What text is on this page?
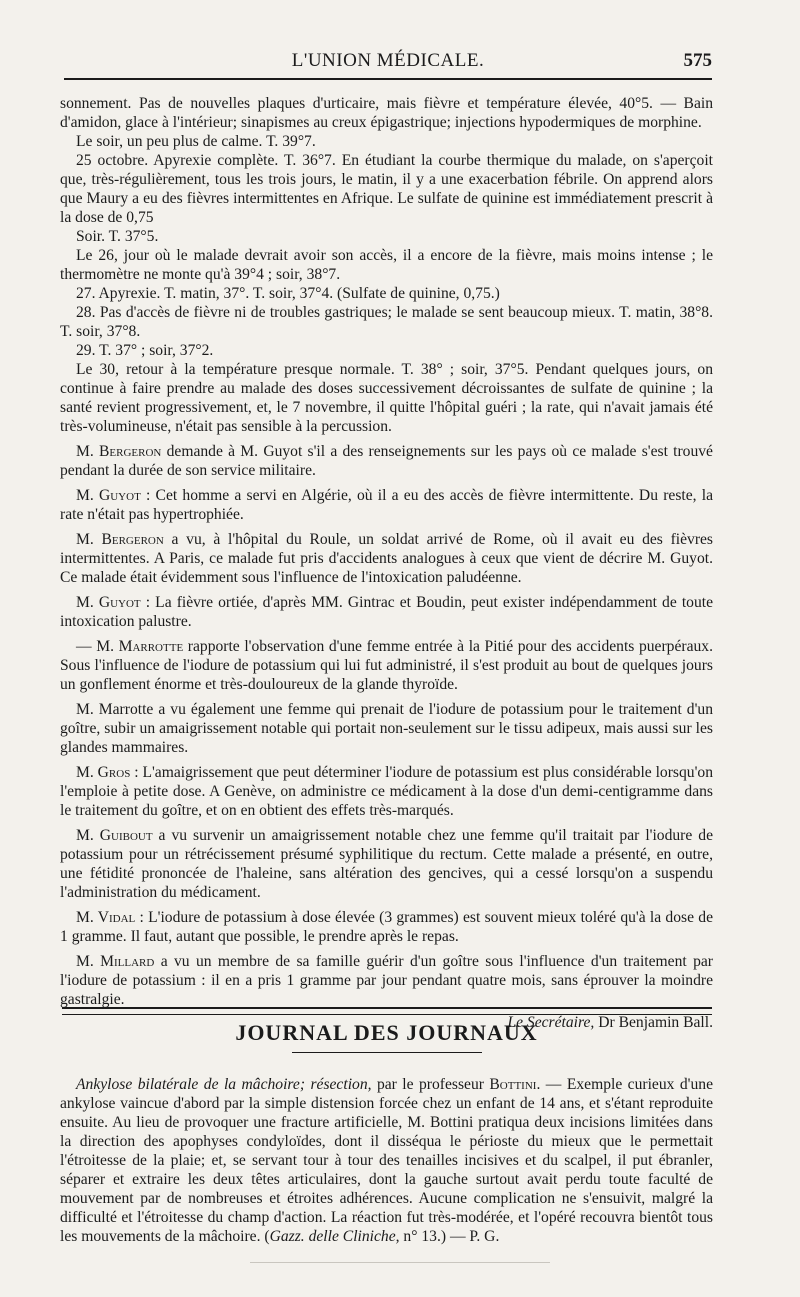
L'UNION MÉDICALE.	575

sonnement. Pas de nouvelles plaques d'urticaire, mais fièvre et température élevée, 40°5. — Bain d'amidon, glace à l'intérieur; sinapismes au creux épigastrique; injections hypodermiques de morphine.

Le soir, un peu plus de calme. T. 39°7.

25 octobre. Apyrexie complète. T. 36°7. En étudiant la courbe thermique du malade, on s'aperçoit que, très-régulièrement, tous les trois jours, le matin, il y a une exacerbation fébrile. On apprend alors que Maury a eu des fièvres intermittentes en Afrique. Le sulfate de quinine est immédiatement prescrit à la dose de 0,75

Soir. T. 37°5.

Le 26, jour où le malade devrait avoir son accès, il a encore de la fièvre, mais moins intense ; le thermomètre ne monte qu'à 39°4 ; soir, 38°7.

27. Apyrexie. T. matin, 37°. T. soir, 37°4. (Sulfate de quinine, 0,75.)

28. Pas d'accès de fièvre ni de troubles gastriques; le malade se sent beaucoup mieux. T. matin, 38°8. T. soir, 37°8.

29. T. 37° ; soir, 37°2.

Le 30, retour à la température presque normale. T. 38° ; soir, 37°5. Pendant quelques jours, on continue à faire prendre au malade des doses successivement décroissantes de sulfate de quinine ; la santé revient progressivement, et, le 7 novembre, il quitte l'hôpital guéri ; la rate, qui n'avait jamais été très-volumineuse, n'était pas sensible à la percussion.

M. Bergeron demande à M. Guyot s'il a des renseignements sur les pays où ce malade s'est trouvé pendant la durée de son service militaire.

M. Guyot : Cet homme a servi en Algérie, où il a eu des accès de fièvre intermittente. Du reste, la rate n'était pas hypertrophiée.

M. Bergeron a vu, à l'hôpital du Roule, un soldat arrivé de Rome, où il avait eu des fièvres intermittentes. A Paris, ce malade fut pris d'accidents analogues à ceux que vient de décrire M. Guyot. Ce malade était évidemment sous l'influence de l'intoxication paludéenne.

M. Guyot : La fièvre ortiée, d'après MM. Gintrac et Boudin, peut exister indépendamment de toute intoxication palustre.

— M. Marrotte rapporte l'observation d'une femme entrée à la Pitié pour des accidents puerpéraux. Sous l'influence de l'iodure de potassium qui lui fut administré, il s'est produit au bout de quelques jours un gonflement énorme et très-douloureux de la glande thyroïde.

M. Marrotte a vu également une femme qui prenait de l'iodure de potassium pour le traitement d'un goître, subir un amaigrissement notable qui portait non-seulement sur le tissu adipeux, mais aussi sur les glandes mammaires.

M. Gros : L'amaigrissement que peut déterminer l'iodure de potassium est plus considérable lorsqu'on l'emploie à petite dose. A Genève, on administre ce médicament à la dose d'un demi-centigramme dans le traitement du goître, et on en obtient des effets très-marqués.

M. Guibout a vu survenir un amaigrissement notable chez une femme qu'il traitait par l'iodure de potassium pour un rétrécissement présumé syphilitique du rectum. Cette malade a présenté, en outre, une fétidité prononcée de l'haleine, sans altération des gencives, qui a cessé lorsqu'on a suspendu l'administration du médicament.

M. Vidal : L'iodure de potassium à dose élevée (3 grammes) est souvent mieux toléré qu'à la dose de 1 gramme. Il faut, autant que possible, le prendre après le repas.

M. Millard a vu un membre de sa famille guérir d'un goître sous l'influence d'un traitement par l'iodure de potassium : il en a pris 1 gramme par jour pendant quatre mois, sans éprouver la moindre gastralgie.

Le Secrétaire, Dr Benjamin Ball.
JOURNAL DES JOURNAUX

Ankylose bilatérale de la mâchoire; résection, par le professeur Bottini. — Exemple curieux d'une ankylose vaincue d'abord par la simple distension forcée chez un enfant de 14 ans, et s'étant reproduite ensuite. Au lieu de provoquer une fracture artificielle, M. Bottini pratiqua deux incisions limitées dans la direction des apophyses condyloïdes, dont il disséqua le périoste du mieux que le permettait l'étroitesse de la plaie; et, se servant tour à tour des tenailles incisives et du scalpel, il put ébranler, séparer et extraire les deux têtes articulaires, dont la gauche surtout avait perdu toute faculté de mouvement par de nombreuses et étroites adhérences. Aucune complication ne s'ensuivit, malgré la difficulté et l'étroitesse du champ d'action. La réaction fut très-modérée, et l'opéré recouvra bientôt tous les mouvements de la mâchoire. (Gazz. delle Cliniche, n° 13.) — P. G.
